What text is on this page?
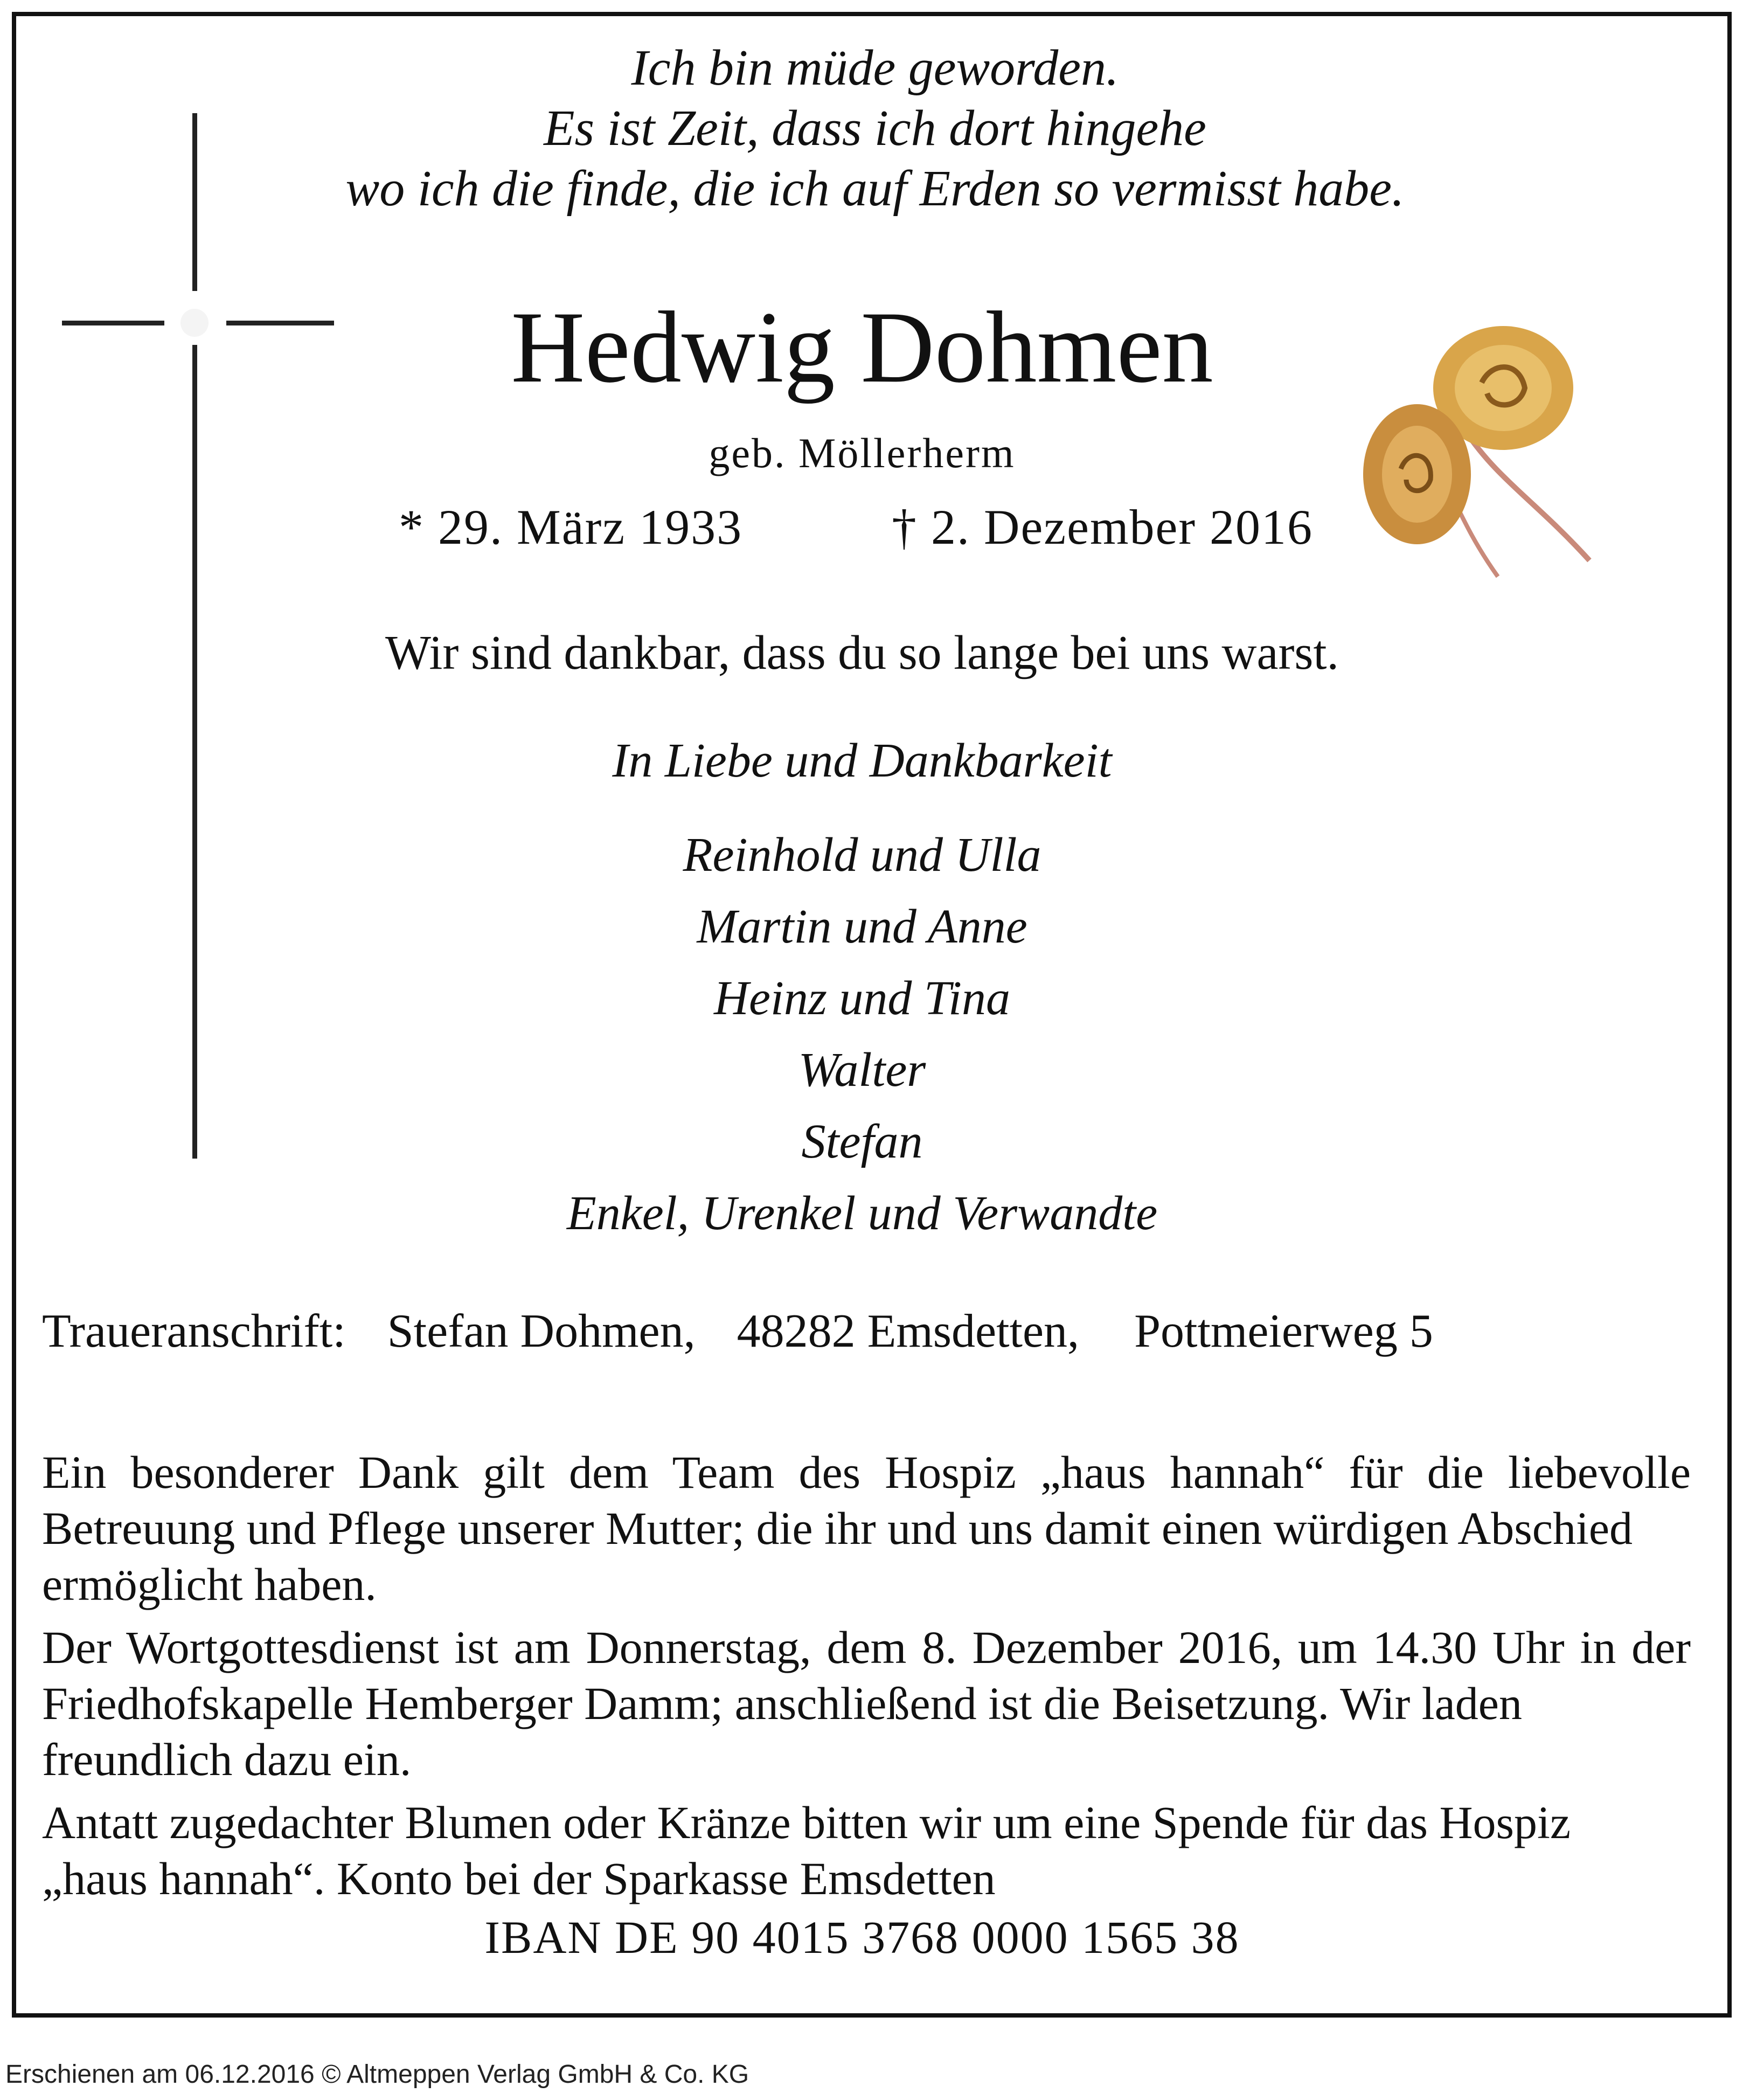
Ich bin müde geworden.
Es ist Zeit, dass ich dort hingehe
wo ich die finde, die ich auf Erden so vermisst habe.
Hedwig Dohmen
geb. Möllerherm
* 29. März 1933	† 2. Dezember 2016
Wir sind dankbar, dass du so lange bei uns warst.
In Liebe und Dankbarkeit
Reinhold und Ulla
Martin und Anne
Heinz und Tina
Walter
Stefan
Enkel, Urenkel und Verwandte
Traueranschrift: Stefan Dohmen, 48282 Emsdetten, Pottmeierweg 5
Ein besonderer Dank gilt dem Team des Hospiz „haus hannah“ für die liebevolle Betreuung und Pflege unserer Mutter; die ihr und uns damit einen würdigen Abschied
ermöglicht haben.
Der Wortgottesdienst ist am Donnerstag, dem 8. Dezember 2016, um 14.30 Uhr in der Friedhofskapelle Hemberger Damm; anschließend ist die Beisetzung. Wir laden
freundlich dazu ein.
Antatt zugedachter Blumen oder Kränze bitten wir um eine Spende für das Hospiz
„haus hannah“. Konto bei der Sparkasse Emsdetten
IBAN DE 90 4015 3768 0000 1565 38
Erschienen am 06.12.2016 © Altmeppen Verlag GmbH & Co. KG
